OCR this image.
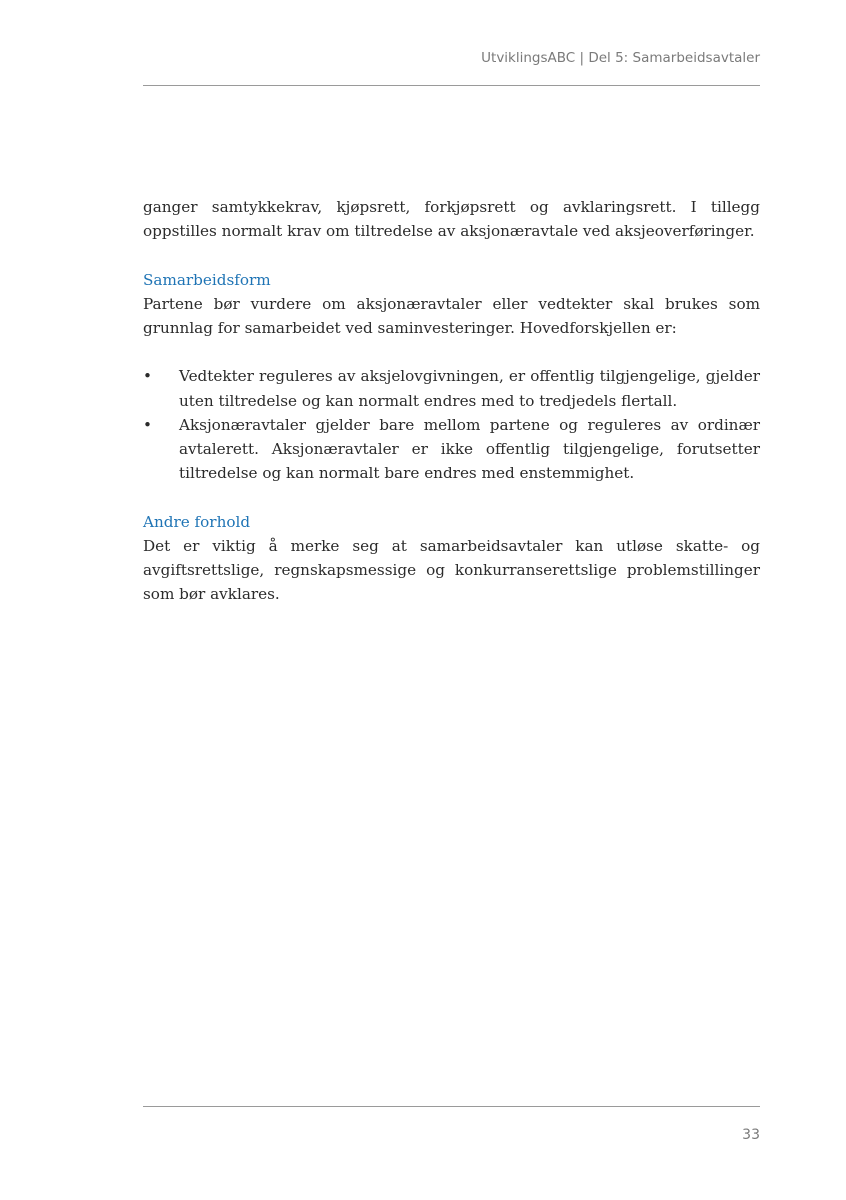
UtviklingsABC | Del 5: Samarbeidsavtaler

ganger samtykkekrav, kjøpsrett, forkjøpsrett og avklaringsrett. I tillegg oppstilles normalt krav om tiltredelse av aksjonæravtale ved aksjeoverføringer.

Samarbeidsform

Partene bør vurdere om aksjonæravtaler eller vedtekter skal brukes som grunnlag for samarbeidet ved saminvesteringer. Hovedforskjellen er:

• Vedtekter reguleres av aksjelovgivningen, er offentlig tilgjengelige, gjelder uten tiltredelse og kan normalt endres med to tredjedels flertall.
• Aksjonæravtaler gjelder bare mellom partene og reguleres av ordinær avtalerett. Aksjonæravtaler er ikke offentlig tilgjengelige, forutsetter tiltredelse og kan normalt bare endres med enstemmighet.
Andre forhold

Det er viktig å merke seg at samarbeidsavtaler kan utløse skatte- og avgiftsrettslige, regnskapsmessige og konkurranserettslige problemstillinger som bør avklares.

33
